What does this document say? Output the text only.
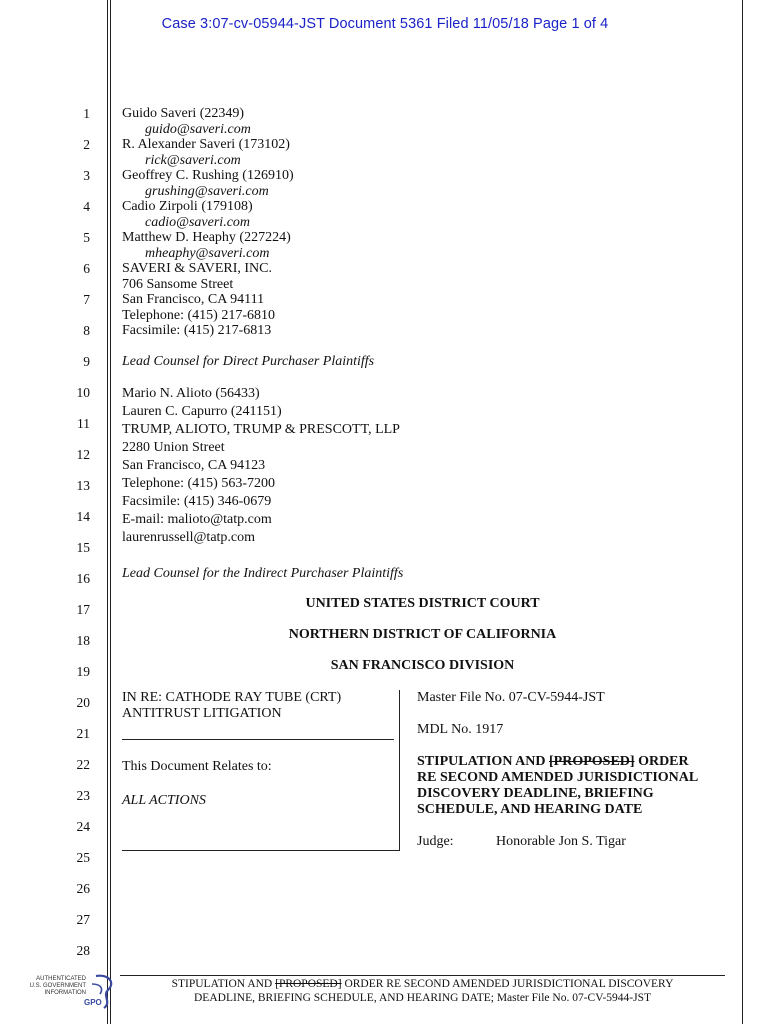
Case 3:07-cv-05944-JST Document 5361 Filed 11/05/18 Page 1 of 4
1
2
3
4
5
6
7
8
9
10
11
12
13
14
15
16
17
18
19
20
21
22
23
24
25
26
27
28
Guido Saveri (22349)
guido@saveri.com
R. Alexander Saveri (173102)
rick@saveri.com
Geoffrey C. Rushing (126910)
grushing@saveri.com
Cadio Zirpoli (179108)
cadio@saveri.com
Matthew D. Heaphy (227224)
mheaphy@saveri.com
SAVERI & SAVERI, INC.
706 Sansome Street
San Francisco, CA 94111
Telephone: (415) 217-6810
Facsimile: (415) 217-6813
Lead Counsel for Direct Purchaser Plaintiffs
Mario N. Alioto (56433)
Lauren C. Capurro (241151)
TRUMP, ALIOTO, TRUMP & PRESCOTT, LLP
2280 Union Street
San Francisco, CA 94123
Telephone: (415) 563-7200
Facsimile: (415) 346-0679
E-mail: malioto@tatp.com
laurenrussell@tatp.com
Lead Counsel for the Indirect Purchaser Plaintiffs
UNITED STATES DISTRICT COURT
NORTHERN DISTRICT OF CALIFORNIA
SAN FRANCISCO DIVISION
IN RE: CATHODE RAY TUBE (CRT)
ANTITRUST LITIGATION
This Document Relates to:
ALL ACTIONS
Master File No. 07-CV-5944-JST
MDL No. 1917
STIPULATION AND [PROPOSED] ORDER
RE SECOND AMENDED JURISDICTIONAL
DISCOVERY DEADLINE, BRIEFING
SCHEDULE, AND HEARING DATE
Judge:	Honorable Jon S. Tigar
STIPULATION AND [PROPOSED] ORDER RE SECOND AMENDED JURISDICTIONAL DISCOVERY
DEADLINE, BRIEFING SCHEDULE, AND HEARING DATE; Master File No. 07-CV-5944-JST
AUTHENTICATED
U.S. GOVERNMENT
INFORMATION
GPO
